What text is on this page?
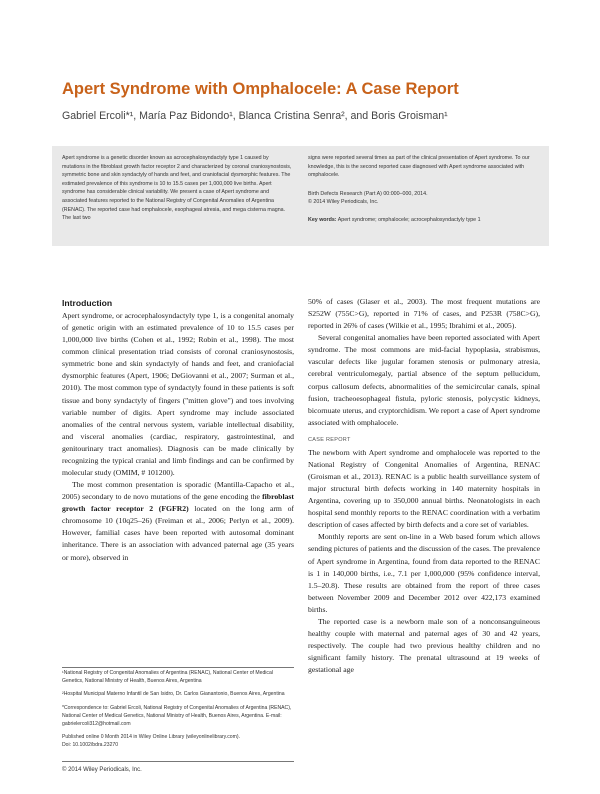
Apert Syndrome with Omphalocele: A Case Report
Gabriel Ercoli*¹, María Paz Bidondo¹, Blanca Cristina Senra², and Boris Groisman¹

Apert syndrome is a genetic disorder known as acrocephalosyndactyly type 1 caused by mutations in the fibroblast growth factor receptor 2 and characterized by coronal craniosynostosis, symmetric bone and skin syndactyly of hands and feet, and craniofacial dysmorphic features. The estimated prevalence of this syndrome is 10 to 15.5 cases per 1,000,000 live births. Apert syndrome has considerable clinical variability. We present a case of Apert syndrome and associated features reported to the National Registry of Congenital Anomalies of Argentina (RENAC). The reported case had omphalocele, esophageal atresia, and mega cisterna magna. The last two

signs were reported several times as part of the clinical presentation of Apert syndrome. To our knowledge, this is the second reported case diagnosed with Apert syndrome associated with omphalocele.

Birth Defects Research (Part A) 00:000–000, 2014.

© 2014 Wiley Periodicals, Inc.

Key words: Apert syndrome; omphalocele; acrocephalosyndactyly type 1

Introduction

Apert syndrome, or acrocephalosyndactyly type 1, is a congenital anomaly of genetic origin with an estimated prevalence of 10 to 15.5 cases per 1,000,000 live births (Cohen et al., 1992; Robin et al., 1998). The most common clinical presentation triad consists of coronal craniosynostosis, symmetric bone and skin syndactyly of hands and feet, and craniofacial dysmorphic features (Apert, 1906; DeGiovanni et al., 2007; Surman et al., 2010). The most common type of syndactyly found in these patients is soft tissue and bony syndactyly of fingers ("mitten glove") and toes involving variable number of digits. Apert syndrome may include associated anomalies of the central nervous system, variable intellectual disability, and visceral anomalies (cardiac, respiratory, gastrointestinal, and genitourinary tract anomalies). Diagnosis can be made clinically by recognizing the typical cranial and limb findings and can be confirmed by molecular study (OMIM, # 101200).

The most common presentation is sporadic (Mantilla-Capacho et al., 2005) secondary to de novo mutations of the gene encoding the fibroblast growth factor receptor 2 (FGFR2) located on the long arm of chromosome 10 (10q25–26) (Freiman et al., 2006; Perlyn et al., 2009). However, familial cases have been reported with autosomal dominant inheritance. There is an association with advanced paternal age (35 years or more), observed in

50% of cases (Glaser et al., 2003). The most frequent mutations are S252W (755C>G), reported in 71% of cases, and P253R (758C>G), reported in 26% of cases (Wilkie et al., 1995; Ibrahimi et al., 2005).

Several congenital anomalies have been reported associated with Apert syndrome. The most commons are mid-facial hypoplasia, strabismus, vascular defects like jugular foramen stenosis or pulmonary atresia, cerebral ventriculomegaly, partial absence of the septum pellucidum, corpus callosum defects, abnormalities of the semicircular canals, spinal fusion, tracheoesophageal fistula, pyloric stenosis, polycystic kidneys, bicornuate uterus, and cryptorchidism. We report a case of Apert syndrome associated with omphalocele.

CASE REPORT

The newborn with Apert syndrome and omphalocele was reported to the National Registry of Congenital Anomalies of Argentina, RENAC (Groisman et al., 2013). RENAC is a public health surveillance system of major structural birth defects working in 140 maternity hospitals in Argentina, covering up to 350,000 annual births. Neonatologists in each hospital send monthly reports to the RENAC coordination with a verbatim description of cases affected by birth defects and a core set of variables.

Monthly reports are sent on-line in a Web based forum which allows sending pictures of patients and the discussion of the cases. The prevalence of Apert syndrome in Argentina, found from data reported to the RENAC is 1 in 140,000 births, i.e., 7.1 per 1,000,000 (95% confidence interval, 1.5–20.8). These results are obtained from the report of three cases between November 2009 and December 2012 over 422,173 examined births.

The reported case is a newborn male son of a nonconsanguineous healthy couple with maternal and paternal ages of 30 and 42 years, respectively. The couple had two previous healthy children and no significant family history. The prenatal ultrasound at 19 weeks of gestational age

¹National Registry of Congenital Anomalies of Argentina (RENAC), National Center of Medical Genetics, National Ministry of Health, Buenos Aires, Argentina

²Hospital Municipal Materno Infantil de San Isidro, Dr. Carlos Gianantonio, Buenos Aires, Argentina

*Correspondence to: Gabriel Ercoli, National Registry of Congenital Anomalies of Argentina (RENAC), National Center of Medical Genetics, National Ministry of Health, Buenos Aires, Argentina. E-mail: gabrielercoli312@hotmail.com

Published online 0 Month 2014 in Wiley Online Library (wileyonlinelibrary.com).

Doi: 10.1002/bdra.23270

© 2014 Wiley Periodicals, Inc.
